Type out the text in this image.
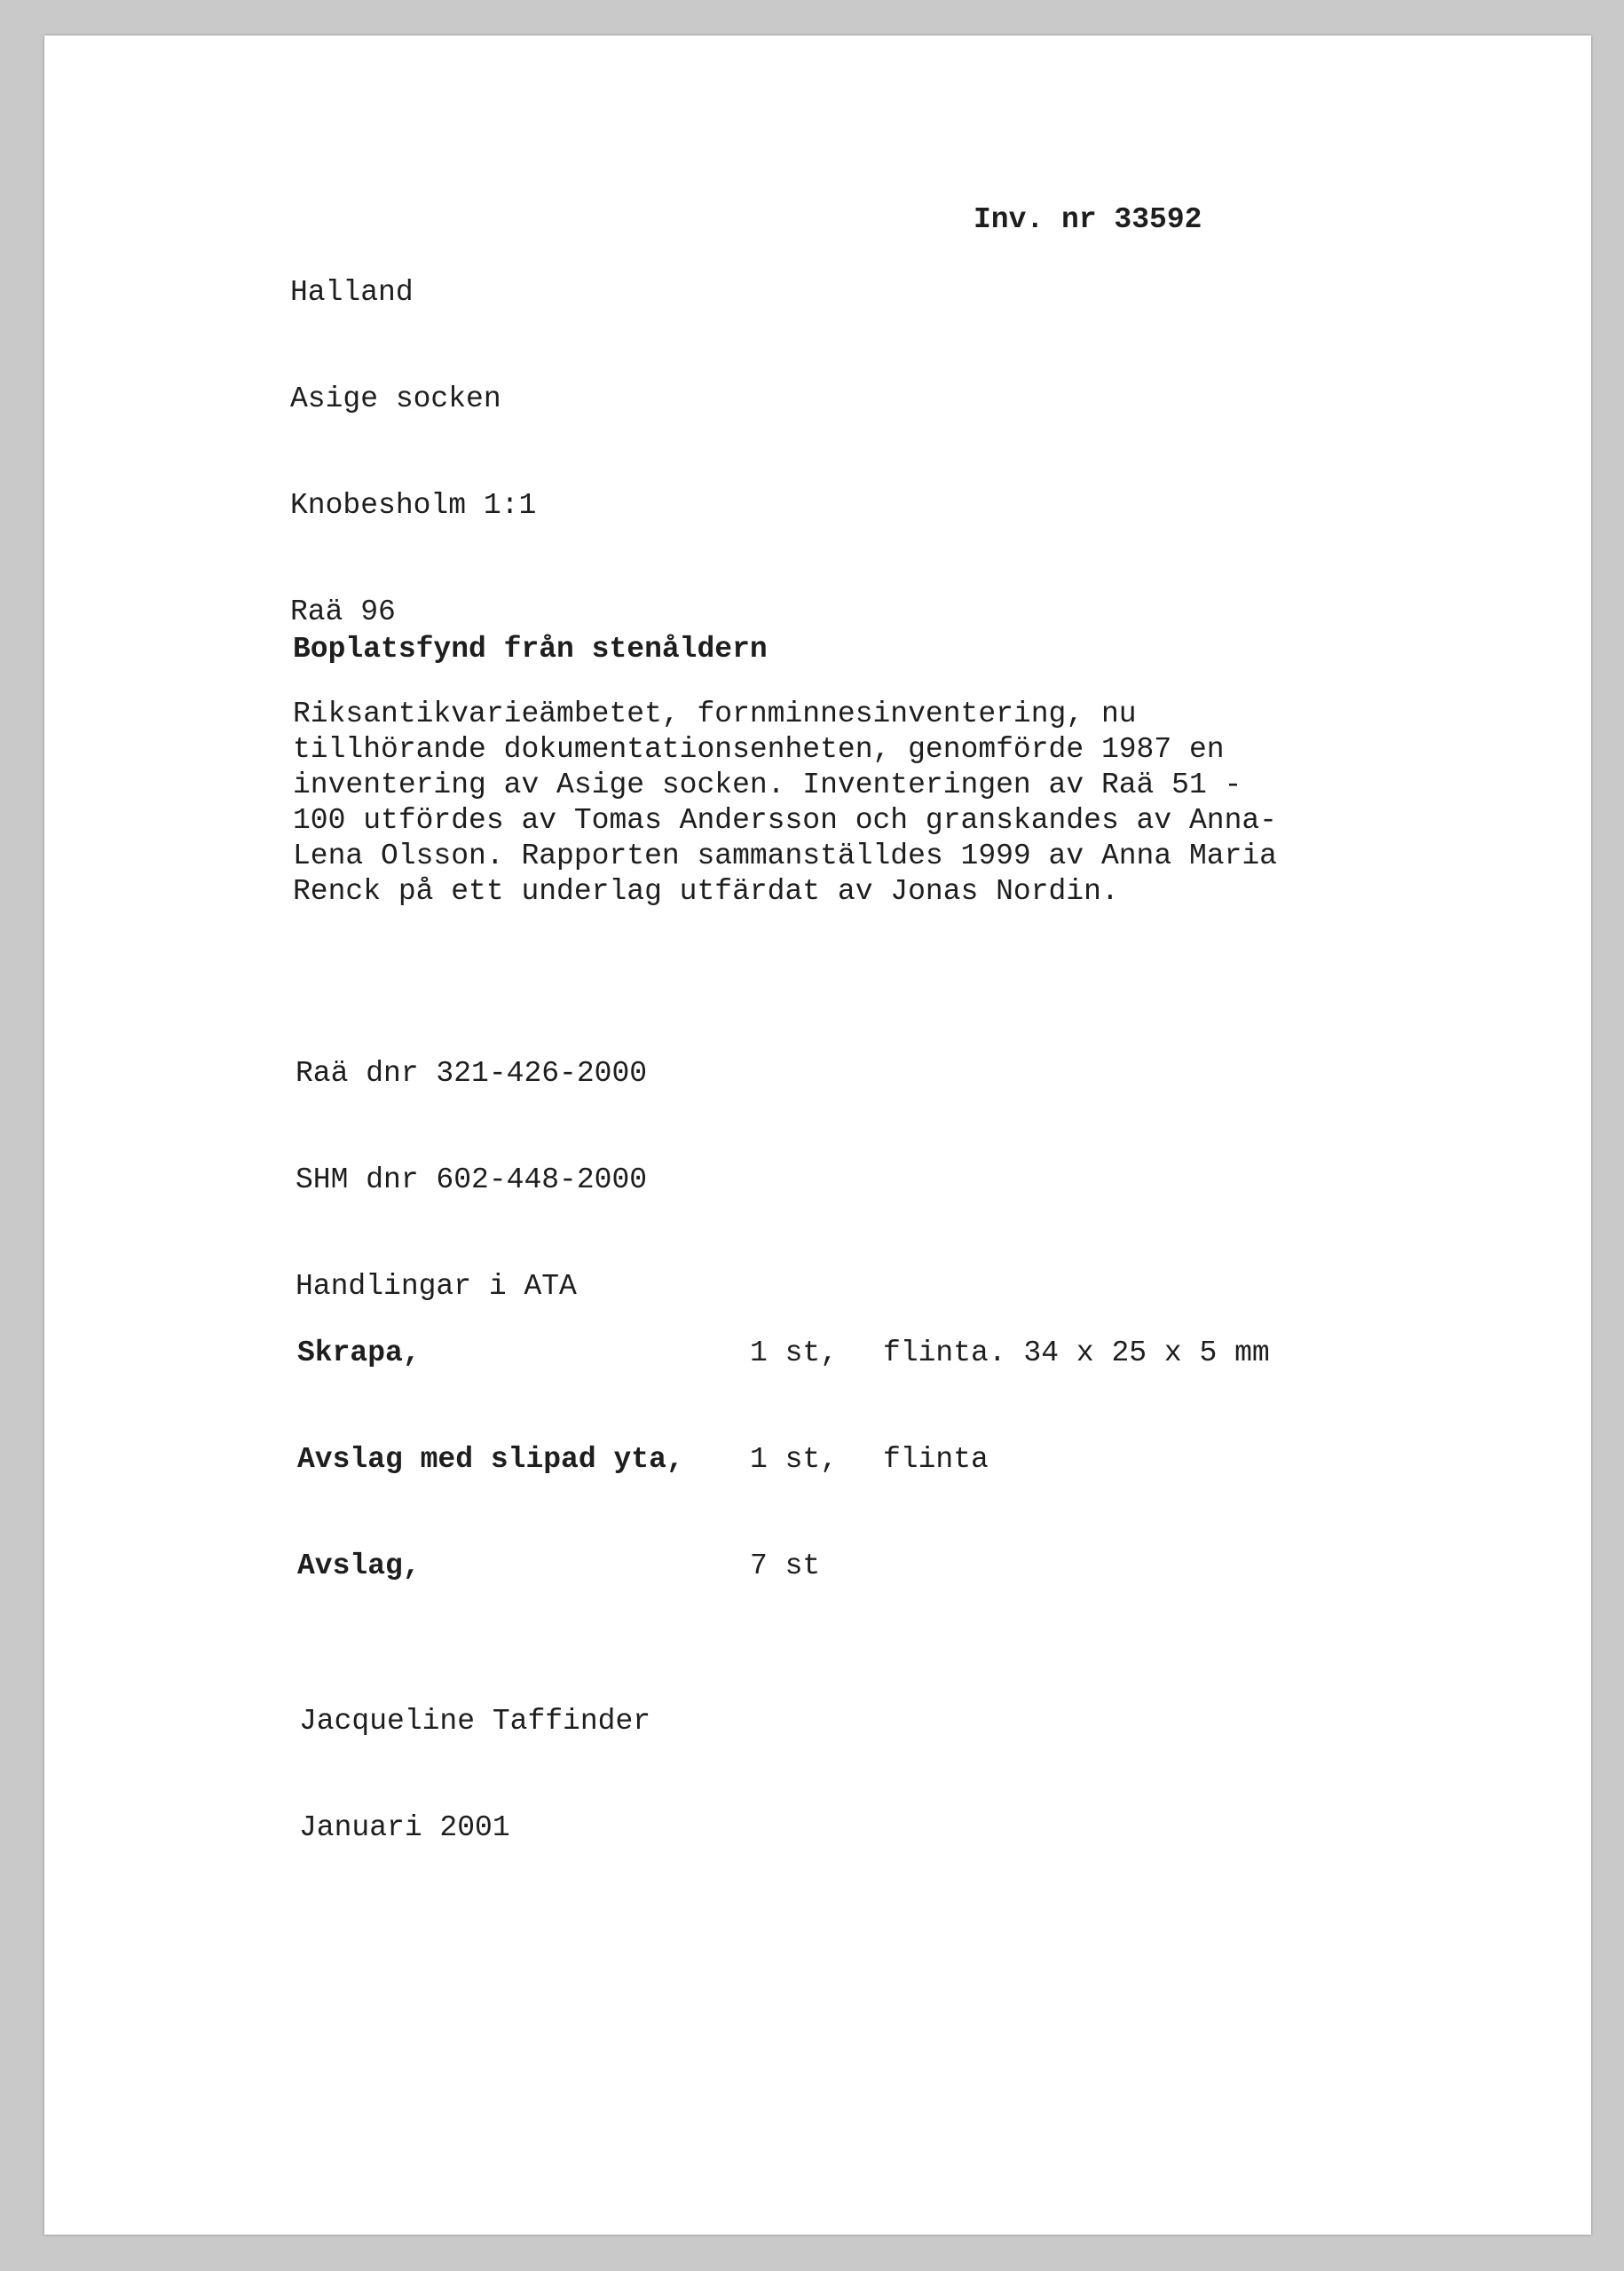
Halland

Asige socken

Knobesholm 1:1

Raä 96

Inv. nr 33592
Boplatsfynd från stenåldern
Riksantikvarieämbetet, fornminnesinventering, nu
tillhörande dokumentationsenheten, genomförde 1987 en
inventering av Asige socken. Inventeringen av Raä 51 -
100 utfördes av Tomas Andersson och granskandes av Anna-
Lena Olsson. Rapporten sammanställdes 1999 av Anna Maria
Renck på ett underlag utfärdat av Jonas Nordin.

Raä dnr 321-426-2000

SHM dnr 602-448-2000

Handlingar i ATA

Skrapa,	1 st,	flinta. 34 x 25 x 5 mm

Avslag med slipad yta,	1 st,	flinta

Avslag,	7 st

Jacqueline Taffinder

Januari 2001
